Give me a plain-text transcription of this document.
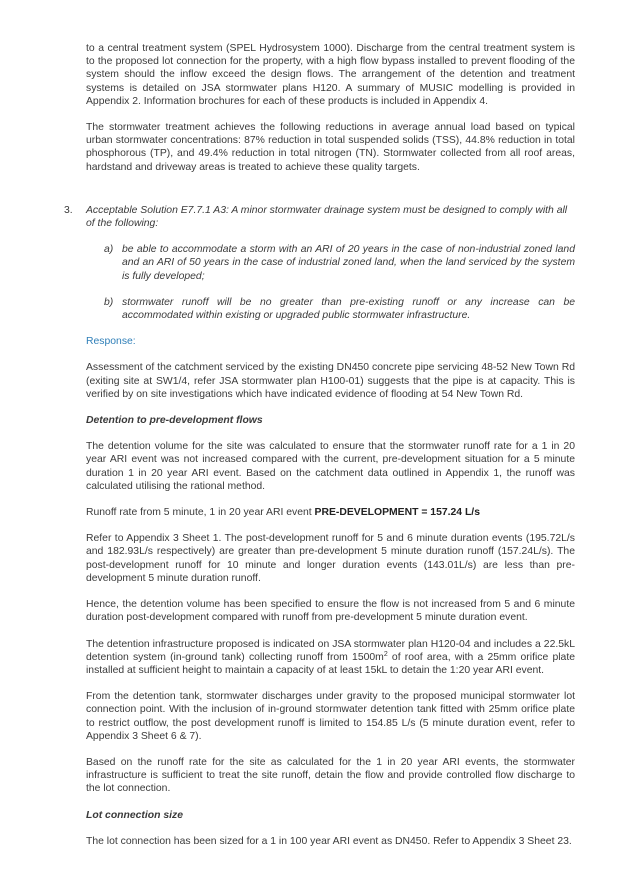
to a central treatment system (SPEL Hydrosystem 1000). Discharge from the central treatment system is to the proposed lot connection for the property, with a high flow bypass installed to prevent flooding of the system should the inflow exceed the design flows. The arrangement of the detention and treatment systems is detailed on JSA stormwater plans H120. A summary of MUSIC modelling is provided in Appendix 2. Information brochures for each of these products is included in Appendix 4.

The stormwater treatment achieves the following reductions in average annual load based on typical urban stormwater concentrations: 87% reduction in total suspended solids (TSS), 44.8% reduction in total phosphorous (TP), and 49.4% reduction in total nitrogen (TN). Stormwater collected from all roof areas, hardstand and driveway areas is treated to achieve these quality targets.

3. Acceptable Solution E7.7.1 A3: A minor stormwater drainage system must be designed to comply with all of the following:
a) be able to accommodate a storm with an ARI of 20 years in the case of non-industrial zoned land and an ARI of 50 years in the case of industrial zoned land, when the land serviced by the system is fully developed;
b) stormwater runoff will be no greater than pre-existing runoff or any increase can be accommodated within existing or upgraded public stormwater infrastructure.
Response:

Assessment of the catchment serviced by the existing DN450 concrete pipe servicing 48-52 New Town Rd (exiting site at SW1/4, refer JSA stormwater plan H100-01) suggests that the pipe is at capacity. This is verified by on site investigations which have indicated evidence of flooding at 54 New Town Rd.

Detention to pre-development flows

The detention volume for the site was calculated to ensure that the stormwater runoff rate for a 1 in 20 year ARI event was not increased compared with the current, pre-development situation for a 5 minute duration 1 in 20 year ARI event. Based on the catchment data outlined in Appendix 1, the runoff was calculated utilising the rational method.

Runoff rate from 5 minute, 1 in 20 year ARI event PRE-DEVELOPMENT = 157.24 L/s

Refer to Appendix 3 Sheet 1. The post-development runoff for 5 and 6 minute duration events (195.72L/s and 182.93L/s respectively) are greater than pre-development 5 minute duration runoff (157.24L/s). The post-development runoff for 10 minute and longer duration events (143.01L/s) are less than pre-development 5 minute duration runoff.

Hence, the detention volume has been specified to ensure the flow is not increased from 5 and 6 minute duration post-development compared with runoff from pre-development 5 minute duration event.

The detention infrastructure proposed is indicated on JSA stormwater plan H120-04 and includes a 22.5kL detention system (in-ground tank) collecting runoff from $1500m^2$ of roof area, with a 25mm orifice plate installed at sufficient height to maintain a capacity of at least 15kL to detain the 1:20 year ARI event.

From the detention tank, stormwater discharges under gravity to the proposed municipal stormwater lot connection point. With the inclusion of in-ground stormwater detention tank fitted with 25mm orifice plate to restrict outflow, the post development runoff is limited to 154.85 L/s (5 minute duration event, refer to Appendix 3 Sheet 6 & 7).

Based on the runoff rate for the site as calculated for the 1 in 20 year ARI events, the stormwater infrastructure is sufficient to treat the site runoff, detain the flow and provide controlled flow discharge to the lot connection.

Lot connection size

The lot connection has been sized for a 1 in 100 year ARI event as DN450. Refer to Appendix 3 Sheet 23.
